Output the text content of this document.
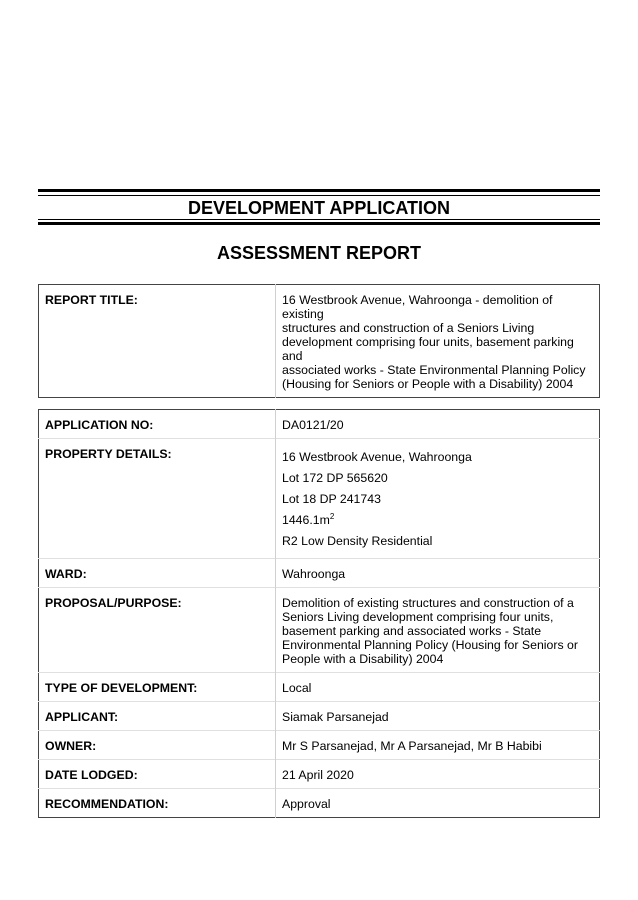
DEVELOPMENT APPLICATION
ASSESSMENT REPORT
REPORT TITLE:	16 Westbrook Avenue, Wahroonga - demolition of existing
structures and construction of a Seniors Living
development comprising four units, basement parking and
associated works - State Environmental Planning Policy
(Housing for Seniors or People with a Disability) 2004
APPLICATION NO:	DA0121/20
PROPERTY DETAILS:	16 Westbrook Avenue, Wahroonga
Lot 172 DP 565620
Lot 18 DP 241743
$1446.1m^2$
R2 Low Density Residential

WARD:	Wahroonga
PROPOSAL/PURPOSE:	Demolition of existing structures and construction of a
Seniors Living development comprising four units,
basement parking and associated works - State
Environmental Planning Policy (Housing for Seniors or
People with a Disability) 2004

TYPE OF DEVELOPMENT:	Local
APPLICANT:	Siamak Parsanejad
OWNER:	Mr S Parsanejad, Mr A Parsanejad, Mr B Habibi
DATE LODGED:	21 April 2020
RECOMMENDATION:	Approval
